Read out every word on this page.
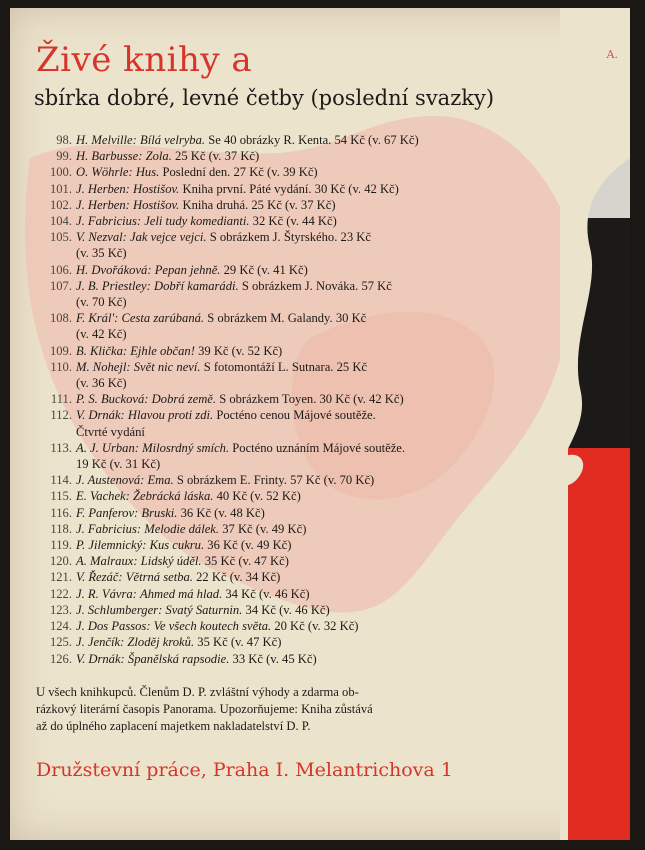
Živé knihy a	A.
sbírka dobré, levné četby (poslední svazky)
98. H. Melville: Bílá velryba. Se 40 obrázky R. Kenta. 54 Kč (v. 67 Kč)
99. H. Barbusse: Zola. 25 Kč (v. 37 Kč)
100. O. Wöhrle: Hus. Poslední den. 27 Kč (v. 39 Kč)
101. J. Herben: Hostišov. Kniha první. Páté vydání. 30 Kč (v. 42 Kč)
102. J. Herben: Hostišov. Kniha druhá. 25 Kč (v. 37 Kč)
104. J. Fabricius: Jeli tudy komedianti. 32 Kč (v. 44 Kč)
105. V. Nezval: Jak vejce vejci. S obrázkem J. Štyrského. 23 Kč
(v. 35 Kč)
106. H. Dvořáková: Pepan jehně. 29 Kč (v. 41 Kč)
107. J. B. Priestley: Dobří kamarádi. S obrázkem J. Nováka. 57 Kč
(v. 70 Kč)
108. F. Král': Cesta zarúbaná. S obrázkem M. Galandy. 30 Kč
(v. 42 Kč)
109. B. Klička: Ejhle občan! 39 Kč (v. 52 Kč)
110. M. Nohejl: Svět nic neví. S fotomontáží L. Sutnara. 25 Kč
(v. 36 Kč)
111. P. S. Bucková: Dobrá země. S obrázkem Toyen. 30 Kč (v. 42 Kč)
112. V. Drnák: Hlavou proti zdi. Pocténo cenou Májové soutěže.
Čtvrté vydání
113. A. J. Urban: Milosrdný smích. Pocténo uznáním Májové soutěže.
19 Kč (v. 31 Kč)
114. J. Austenová: Ema. S obrázkem E. Frinty. 57 Kč (v. 70 Kč)
115. E. Vachek: Žebrácká láska. 40 Kč (v. 52 Kč)
116. F. Panferov: Bruski. 36 Kč (v. 48 Kč)
118. J. Fabricius: Melodie dálek. 37 Kč (v. 49 Kč)
119. P. Jilemnický: Kus cukru. 36 Kč (v. 49 Kč)
120. A. Malraux: Lidský úděl. 35 Kč (v. 47 Kč)
121. V. Řezáč: Větrná setba. 22 Kč (v. 34 Kč)
122. J. R. Vávra: Ahmed má hlad. 34 Kč (v. 46 Kč)
123. J. Schlumberger: Svatý Saturnin. 34 Kč (v. 46 Kč)
124. J. Dos Passos: Ve všech koutech světa. 20 Kč (v. 32 Kč)
125. J. Jenčík: Zloděj kroků. 35 Kč (v. 47 Kč)
126. V. Drnák: Španělská rapsodie. 33 Kč (v. 45 Kč)
U všech knihkupců. Členům D. P. zvláštní výhody a zdarma ob-
rázkový literární časopis Panorama. Upozorňujeme: Kniha zůstává
až do úplného zaplacení majetkem nakladatelství D. P.
Družstevní práce, Praha I. Melantrichova 1
